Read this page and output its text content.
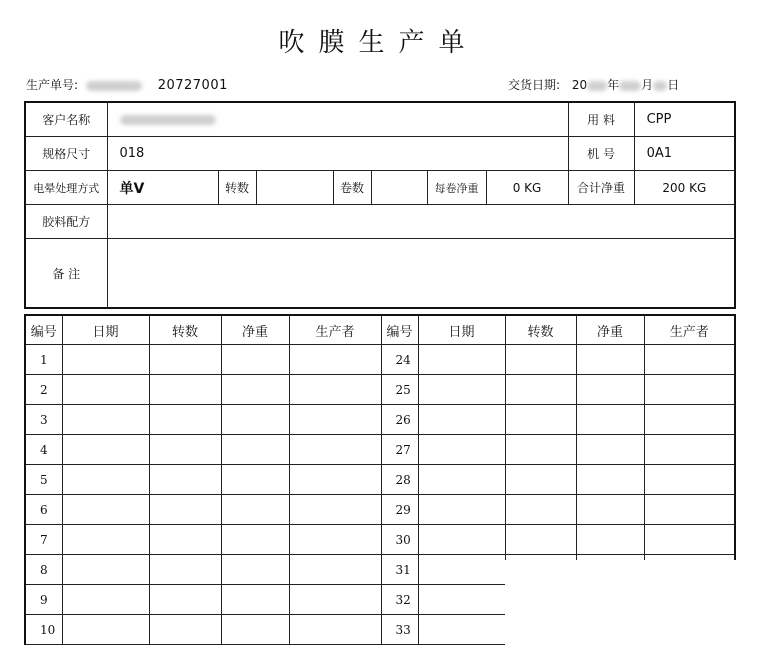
吹膜生产单
生产单号:	20727001	交货日期: 20 年 月 日
客户名称								用 料	CPP
规格尺寸	018							机 号	0A1
电晕处理方式	单V	转数		卷数		每卷净重	0 KG	合计净重	200 KG
胶料配方									
备 注									
编号	日期	转数	净重	生产者	编号	日期	转数	净重	生产者
1					24				
2					25				
3					26				
4					27				
5					28				
6					29				
7					30				
8					31				
9					32				
10					33				
